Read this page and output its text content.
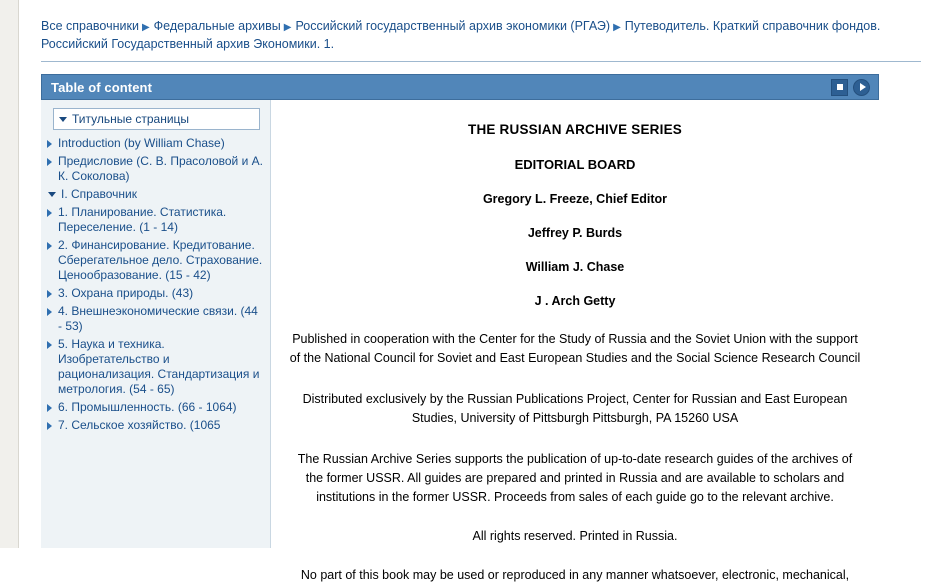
Все справочники ▶ Федеральные архивы ▶ Российский государственный архив экономики (РГАЭ) ▶ Путеводитель. Краткий справочник фондов. Российский Государственный архив Экономики. 1.
Table of content
Титульные страницы
Introduction (by William Chase)
Предисловие (С. В. Прасоловой и А. К. Соколова)
I. Справочник
1. Планирование. Статистика. Переселение. (1 - 14)
2. Финансирование. Кредитование. Сберегательное дело. Страхование. Ценообразование. (15 - 42)
3. Охрана природы. (43)
4. Внешнеэкономические связи. (44 - 53)
5. Наука и техника. Изобретательство и рационализация. Стандартизация и метрология. (54 - 65)
6. Промышленность. (66 - 1064)
7. Сельское хозяйство. (1065
THE RUSSIAN ARCHIVE SERIES
EDITORIAL BOARD
Gregory L. Freeze, Chief Editor
Jeffrey P. Burds
William J. Chase
J . Arch Getty
Published in cooperation with the Center for the Study of Russia and the Soviet Union with the support of the National Council for Soviet and East European Studies and the Social Science Research Council
Distributed exclusively by the Russian Publications Project, Center for Russian and East European Studies, University of Pittsburgh Pittsburgh, PA 15260 USA
The Russian Archive Series supports the publication of up-to-date research guides of the archives of the former USSR. All guides are prepared and printed in Russia and are available to scholars and institutions in the former USSR. Proceeds from sales of each guide go to the relevant archive.
All rights reserved. Printed in Russia.
No part of this book may be used or reproduced in any manner whatsoever, electronic, mechanical,
